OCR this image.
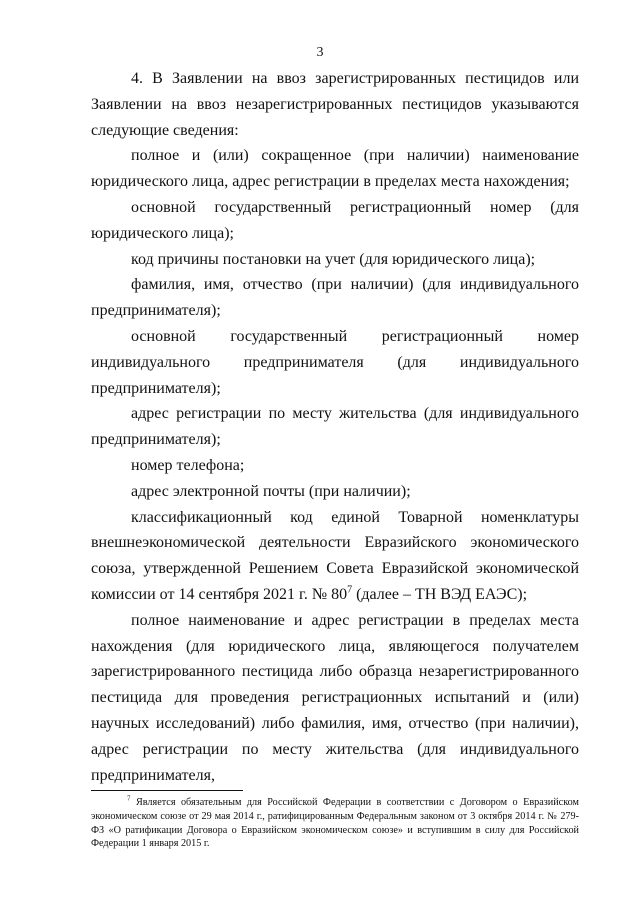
3

4. В Заявлении на ввоз зарегистрированных пестицидов или Заявлении на ввоз незарегистрированных пестицидов указываются следующие сведения:

полное и (или) сокращенное (при наличии) наименование юридического лица, адрес регистрации в пределах места нахождения;

основной государственный регистрационный номер (для юридического лица);

код причины постановки на учет (для юридического лица);

фамилия, имя, отчество (при наличии) (для индивидуального предпринимателя);

основной государственный регистрационный номер индивидуального предпринимателя (для индивидуального предпринимателя);

адрес регистрации по месту жительства (для индивидуального предпринимателя);

номер телефона;

адрес электронной почты (при наличии);

классификационный код единой Товарной номенклатуры внешнеэкономической деятельности Евразийского экономического союза, утвержденной Решением Совета Евразийской экономической комиссии от 14 сентября 2021 г. № $80^7$ (далее – ТН ВЭД ЕАЭС);

полное наименование и адрес регистрации в пределах места нахождения (для юридического лица, являющегося получателем зарегистрированного пестицида либо образца незарегистрированного пестицида для проведения регистрационных испытаний и (или) научных исследований) либо фамилия, имя, отчество (при наличии), адрес регистрации по месту жительства (для индивидуального предпринимателя,

$^7$ Является обязательным для Российской Федерации в соответствии с Договором о Евразийском экономическом союзе от 29 мая 2014 г., ратифицированным Федеральным законом от 3 октября 2014 г. № 279-ФЗ «О ратификации Договора о Евразийском экономическом союзе» и вступившим в силу для Российской Федерации 1 января 2015 г.
